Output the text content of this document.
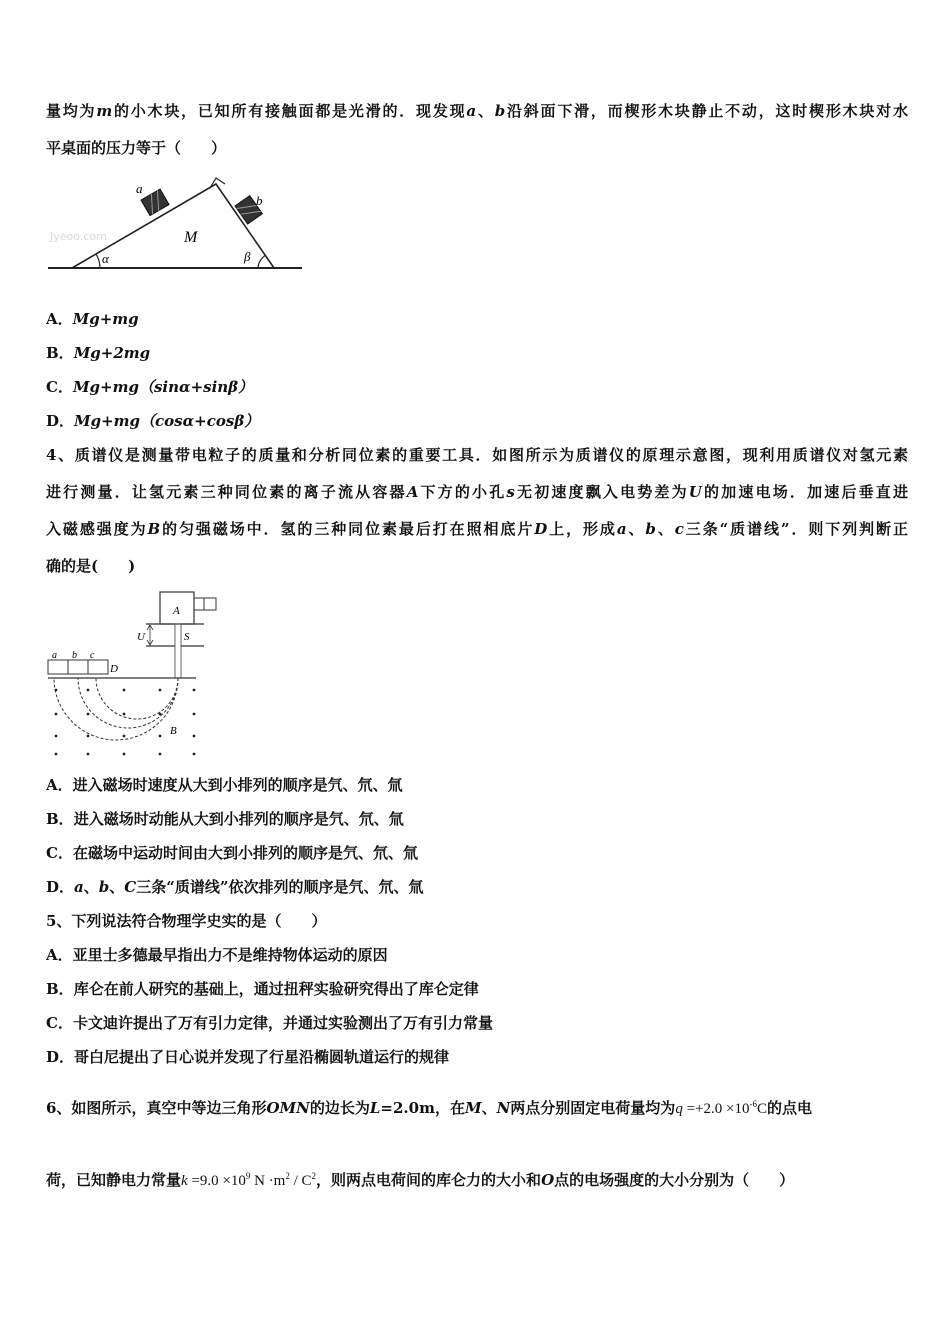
量均为m的小木块，已知所有接触面都是光滑的．现发现a、b沿斜面下滑，而楔形木块静止不动，这时楔形木块对水
平桌面的压力等于（　　）
a
b
M
α	β
Jyeoo.com
A．Mg+mg
B．Mg+2mg
C．Mg+mg（sinα+sinβ）
D．Mg+mg（cosα+cosβ）
4、质谱仪是测量带电粒子的质量和分析同位素的重要工具．如图所示为质谱仪的原理示意图，现利用质谱仪对氢元素
进行测量．让氢元素三种同位素的离子流从容器A下方的小孔s无初速度飘入电势差为U的加速电场．加速后垂直进
入磁感强度为B的匀强磁场中．氢的三种同位素最后打在照相底片D上，形成a、b、c三条“质谱线”．则下列判断正
确的是(　　)
U
A
S
a b c
D
B
A．进入磁场时速度从大到小排列的顺序是氕、氘、氚
B．进入磁场时动能从大到小排列的顺序是氕、氘、氚
C．在磁场中运动时间由大到小排列的顺序是氕、氘、氚
D．a、b、C三条“质谱线”依次排列的顺序是氕、氘、氚
5、下列说法符合物理学史实的是（　　）
A．亚里士多德最早指出力不是维持物体运动的原因
B．库仑在前人研究的基础上，通过扭秤实验研究得出了库仑定律
C．卡文迪许提出了万有引力定律，并通过实验测出了万有引力常量
D．哥白尼提出了日心说并发现了行星沿椭圆轨道运行的规律
6、如图所示，真空中等边三角形OMN的边长为L=2.0m，在M、N两点分别固定电荷量均为$q =+2.0 \times 10^{-6}C$的点电
荷，已知静电力常量$k =9.0 \times 10^9$ $N \cdot m^2 / C^2$，则两点电荷间的库仑力的大小和O点的电场强度的大小分别为（　　）
